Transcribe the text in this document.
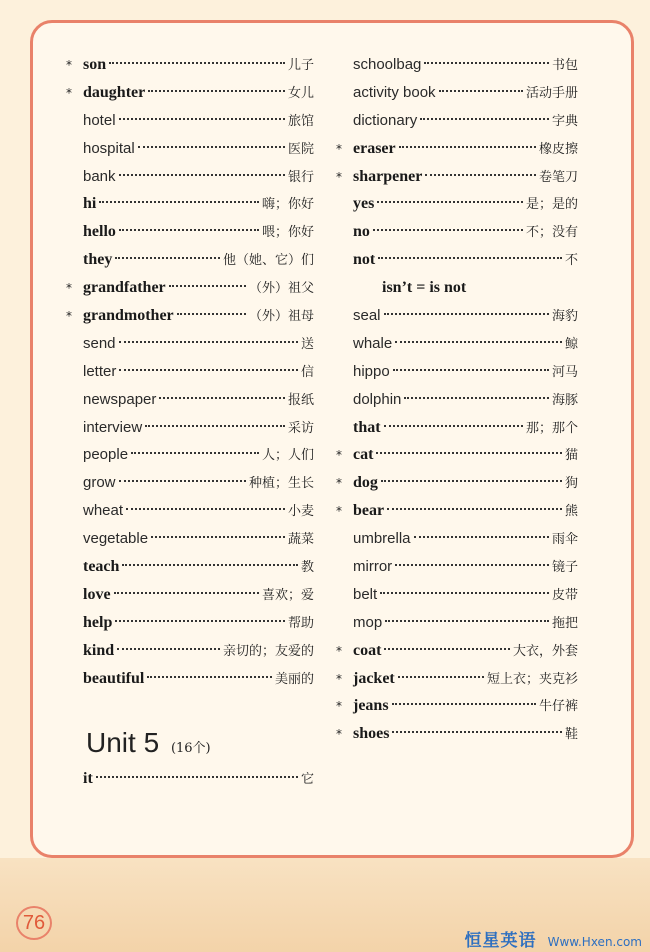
* son	儿子
* daughter	女儿
hotel	旅馆
hospital	医院
bank	银行
hi	嗨；你好
hello	喂；你好
they	他（她、它）们
* grandfather	（外）祖父
* grandmother	（外）祖母
send	送
letter	信
newspaper	报纸
interview	采访
people	人；人们
grow	种植；生长
wheat	小麦
vegetable	蔬菜
teach	教
love	喜欢；爱
help	帮助
kind	亲切的；友爱的
beautiful	美丽的
schoolbag	书包
activity book	活动手册
dictionary	字典
* eraser	橡皮擦
* sharpener	卷笔刀
yes	是；是的
no	不；没有
not	不
isn’t = is not
seal	海豹
whale	鲸
hippo	河马
dolphin	海豚
that	那；那个
* cat	猫
* dog	狗
* bear	熊
umbrella	雨伞
mirror	镜子
belt	皮带
mop	拖把
* coat	大衣，外套
* jacket	短上衣；夹克衫
* jeans	牛仔裤
* shoes	鞋
Unit 5 (16个)
it	它
76
恒星英语 Www.Hxen.com
